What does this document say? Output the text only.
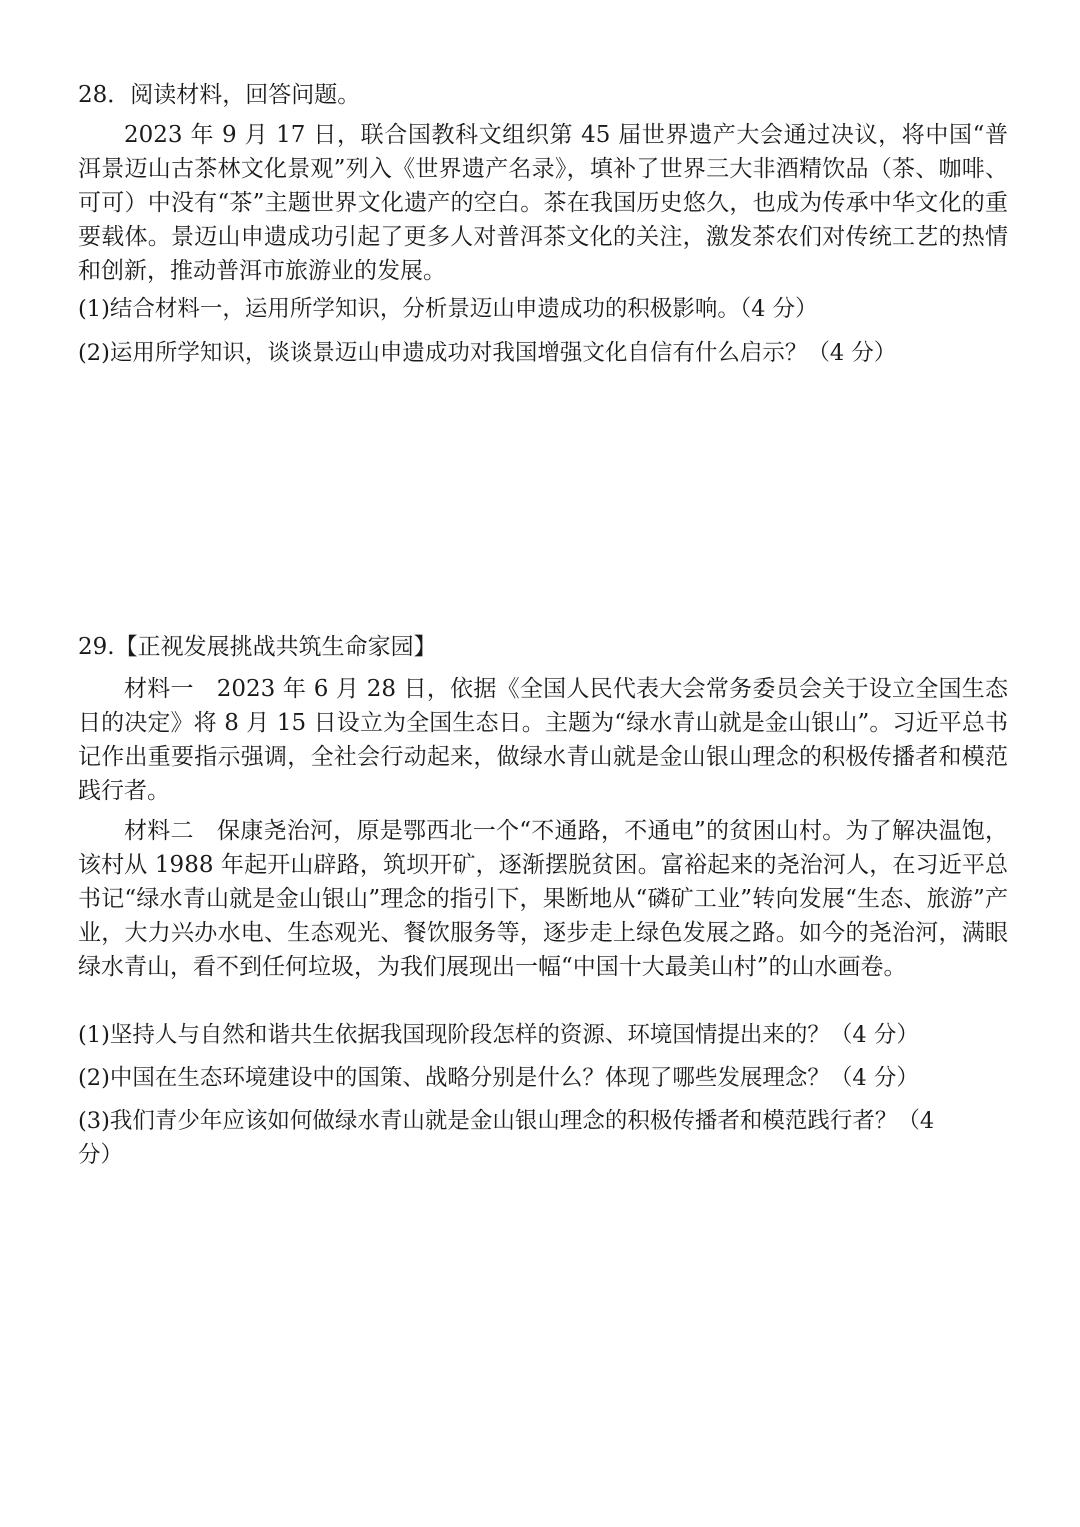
28．阅读材料，回答问题。
2023 年 9 月 17 日，联合国教科文组织第 45 届世界遗产大会通过决议，将中国“普洱景迈山古茶林文化景观”列入《世界遗产名录》，填补了世界三大非酒精饮品（茶、咖啡、可可）中没有“茶”主题世界文化遗产的空白。茶在我国历史悠久，也成为传承中华文化的重要载体。景迈山申遗成功引起了更多人对普洱茶文化的关注，激发茶农们对传统工艺的热情和创新，推动普洱市旅游业的发展。
(1)结合材料一，运用所学知识，分析景迈山申遗成功的积极影响。（4 分）
(2)运用所学知识，谈谈景迈山申遗成功对我国增强文化自信有什么启示？（4 分）
29.【正视发展挑战共筑生命家园】
材料一 2023 年 6 月 28 日，依据《全国人民代表大会常务委员会关于设立全国生态日的决定》将 8 月 15 日设立为全国生态日。主题为“绿水青山就是金山银山”。习近平总书记作出重要指示强调，全社会行动起来，做绿水青山就是金山银山理念的积极传播者和模范践行者。
材料二 保康尧治河，原是鄂西北一个“不通路，不通电”的贫困山村。为了解决温饱，该村从 1988 年起开山辟路，筑坝开矿，逐渐摆脱贫困。富裕起来的尧治河人，在习近平总书记“绿水青山就是金山银山”理念的指引下，果断地从“磷矿工业”转向发展“生态、旅游”产业，大力兴办水电、生态观光、餐饮服务等，逐步走上绿色发展之路。如今的尧治河，满眼绿水青山，看不到任何垃圾，为我们展现出一幅“中国十大最美山村”的山水画卷。
(1)坚持人与自然和谐共生依据我国现阶段怎样的资源、环境国情提出来的？（4 分）
(2)中国在生态环境建设中的国策、战略分别是什么？体现了哪些发展理念？（4 分）
(3)我们青少年应该如何做绿水青山就是金山银山理念的积极传播者和模范践行者？（4 分）
